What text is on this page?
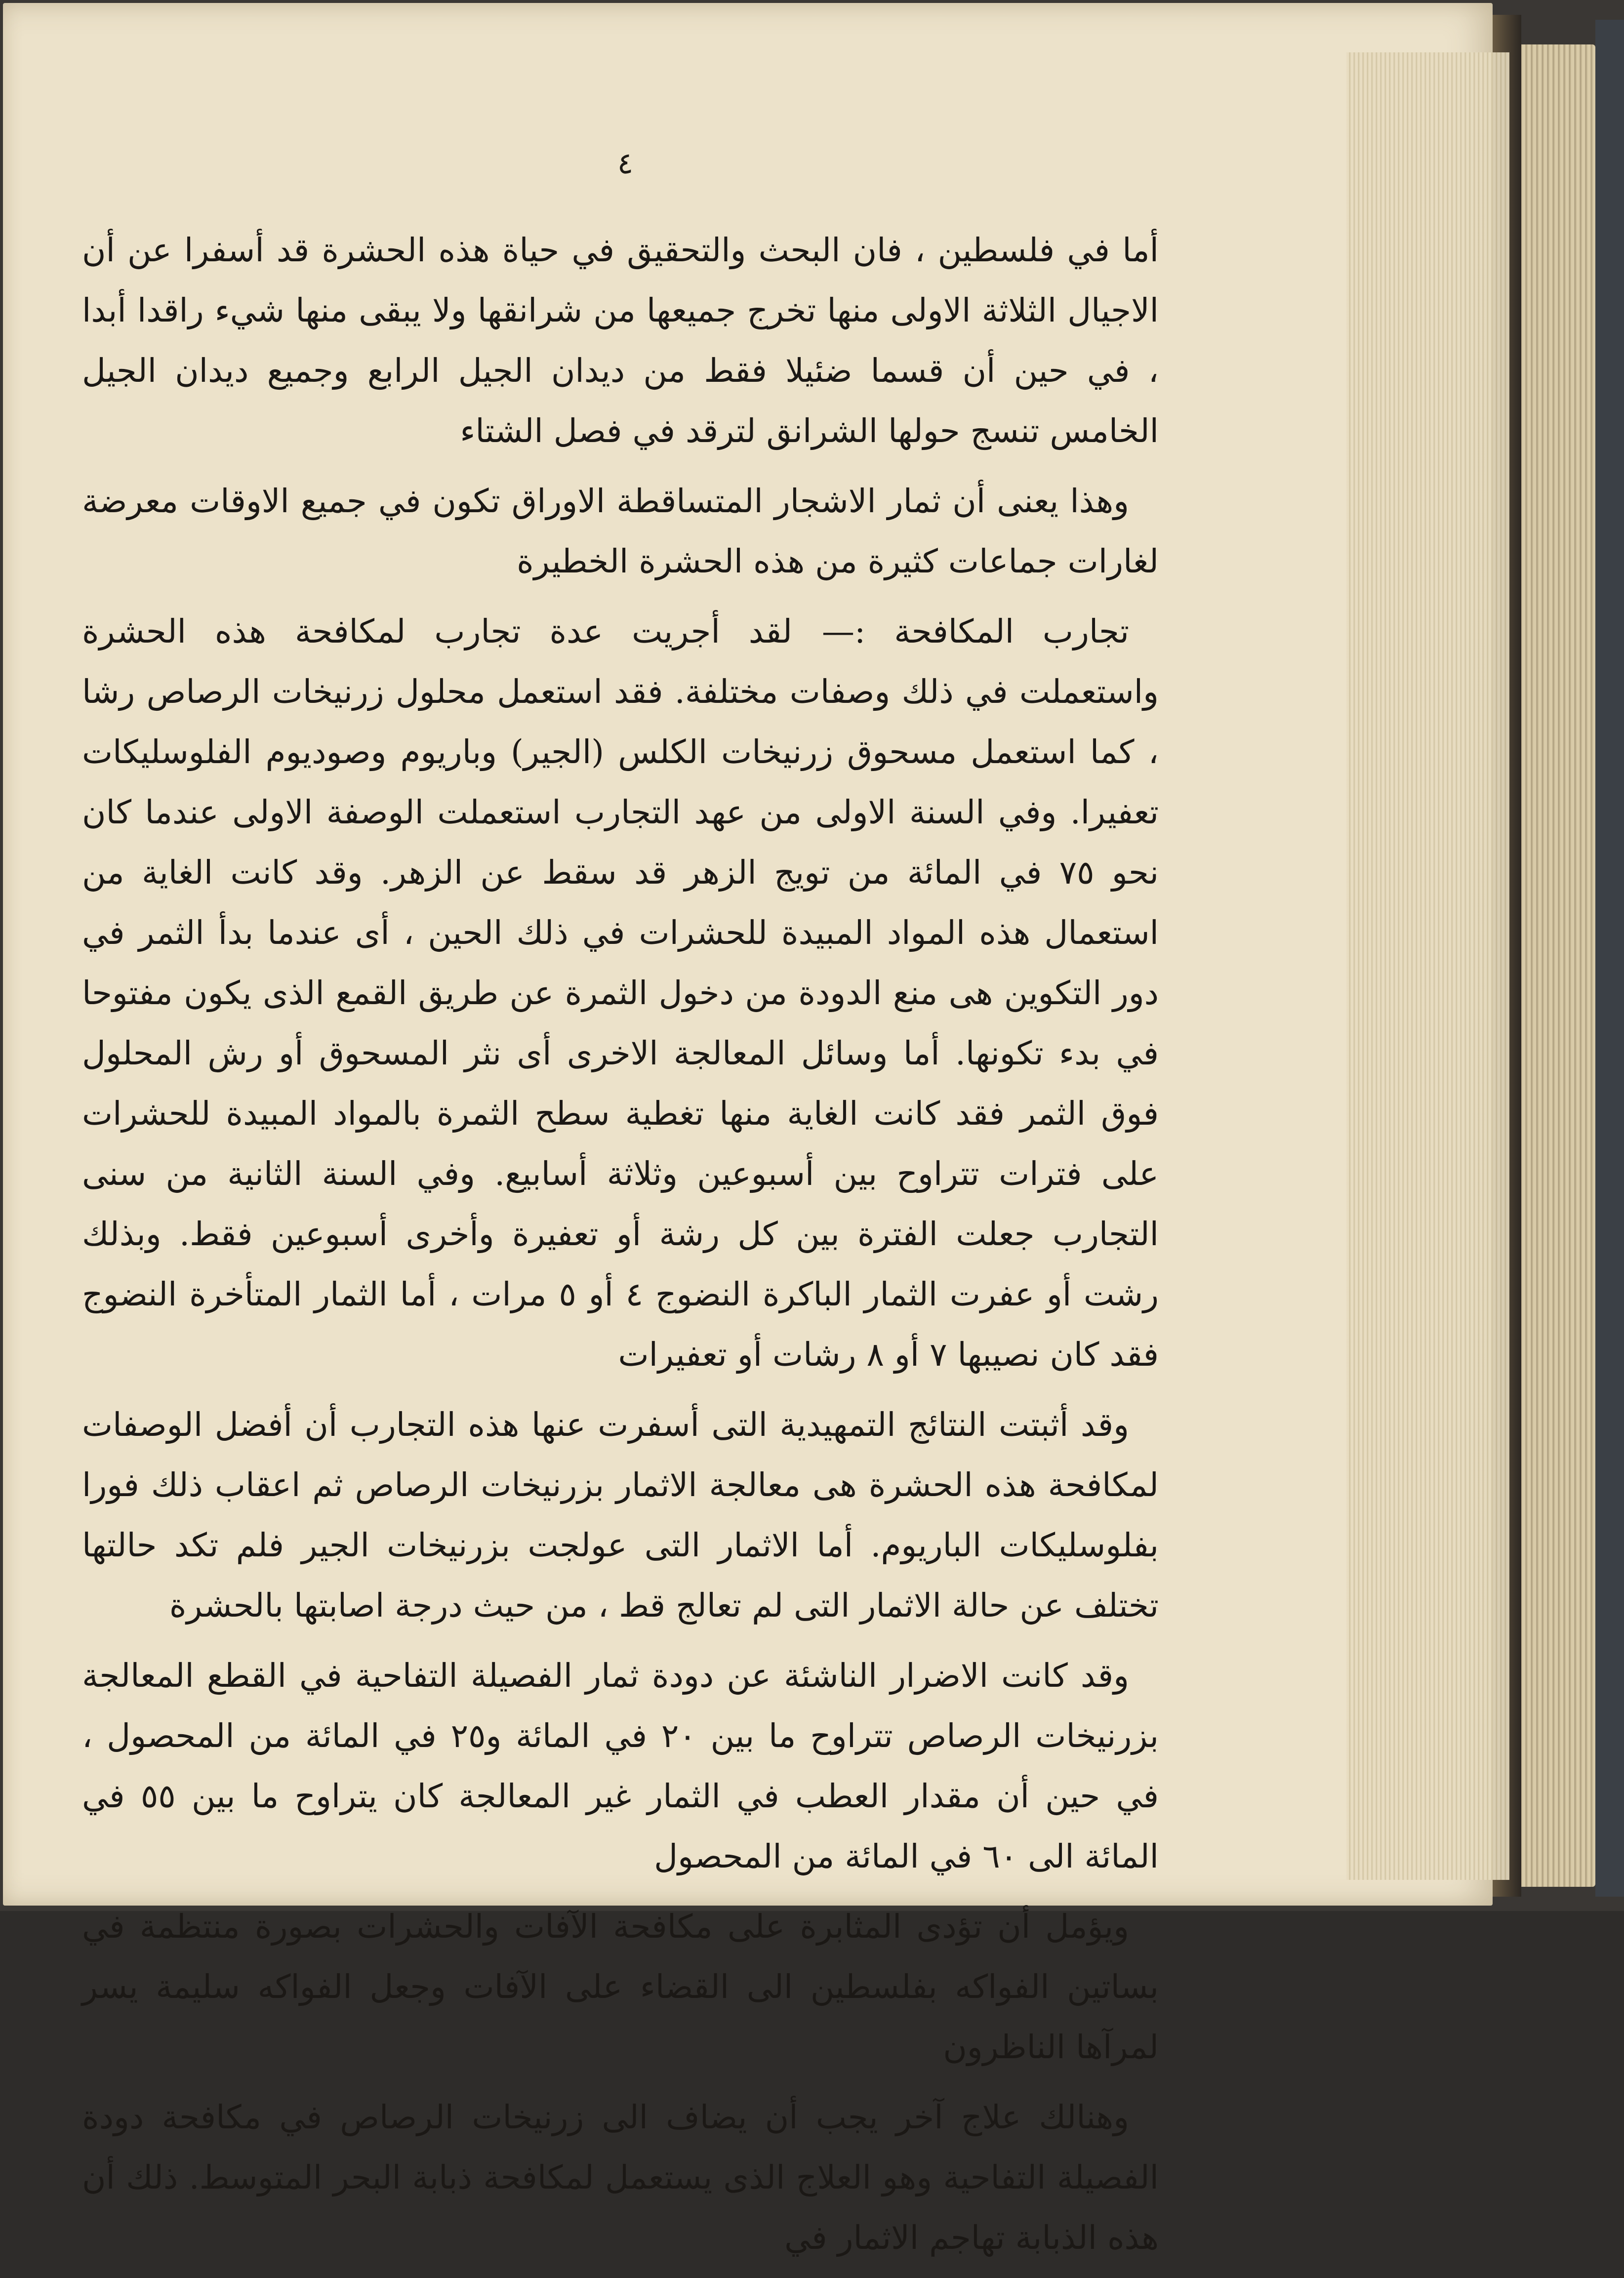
٤

أما في فلسطين ، فان البحث والتحقيق في حياة هذه الحشرة قد أسفرا عن أن الاجيال الثلاثة الاولى منها تخرج جميعها من شرانقها ولا يبقى منها شيء راقدا أبدا ، في حين أن قسما ضئيلا فقط من ديدان الجيل الرابع وجميع ديدان الجيل الخامس تنسج حولها الشرانق لترقد في فصل الشتاء

وهذا يعنى أن ثمار الاشجار المتساقطة الاوراق تكون في جميع الاوقات معرضة لغارات جماعات كثيرة من هذه الحشرة الخطيرة

تجارب المكافحة :—لقد أجريت عدة تجارب لمكافحة هذه الحشرة واستعملت في ذلك وصفات مختلفة. فقد استعمل محلول زرنيخات الرصاص رشا ، كما استعمل مسحوق زرنيخات الكلس (الجير) وباريوم وصوديوم الفلوسليكات تعفيرا. وفي السنة الاولى من عهد التجارب استعملت الوصفة الاولى عندما كان نحو ٧٥ في المائة من تويج الزهر قد سقط عن الزهر. وقد كانت الغاية من استعمال هذه المواد المبيدة للحشرات في ذلك الحين ، أى عندما بدأ الثمر في دور التكوين هى منع الدودة من دخول الثمرة عن طريق القمع الذى يكون مفتوحا في بدء تكونها. أما وسائل المعالجة الاخرى أى نثر المسحوق أو رش المحلول فوق الثمر فقد كانت الغاية منها تغطية سطح الثمرة بالمواد المبيدة للحشرات على فترات تتراوح بين أسبوعين وثلاثة أسابيع. وفي السنة الثانية من سنى التجارب جعلت الفترة بين كل رشة أو تعفيرة وأخرى أسبوعين فقط. وبذلك رشت أو عفرت الثمار الباكرة النضوج ٤ أو ٥ مرات ، أما الثمار المتأخرة النضوج فقد كان نصيبها ٧ أو ٨ رشات أو تعفيرات

وقد أثبتت النتائج التمهيدية التى أسفرت عنها هذه التجارب أن أفضل الوصفات لمكافحة هذه الحشرة هى معالجة الاثمار بزرنيخات الرصاص ثم اعقاب ذلك فورا بفلوسليكات الباريوم. أما الاثمار التى عولجت بزرنيخات الجير فلم تكد حالتها تختلف عن حالة الاثمار التى لم تعالج قط ، من حيث درجة اصابتها بالحشرة

وقد كانت الاضرار الناشئة عن دودة ثمار الفصيلة التفاحية في القطع المعالجة بزرنيخات الرصاص تتراوح ما بين ٢٠ في المائة و٢٥ في المائة من المحصول ، في حين أن مقدار العطب في الثمار غير المعالجة كان يتراوح ما بين ٥٥ في المائة الى ٦٠ في المائة من المحصول

ويؤمل أن تؤدى المثابرة على مكافحة الآفات والحشرات بصورة منتظمة في بساتين الفواكه بفلسطين الى القضاء على الآفات وجعل الفواكه سليمة يسر لمرآها الناظرون

وهنالك علاج آخر يجب أن يضاف الى زرنيخات الرصاص في مكافحة دودة الفصيلة التفاحية وهو العلاج الذى يستعمل لمكافحة ذبابة البحر المتوسط. ذلك أن هذه الذبابة تهاجم الاثمار في
